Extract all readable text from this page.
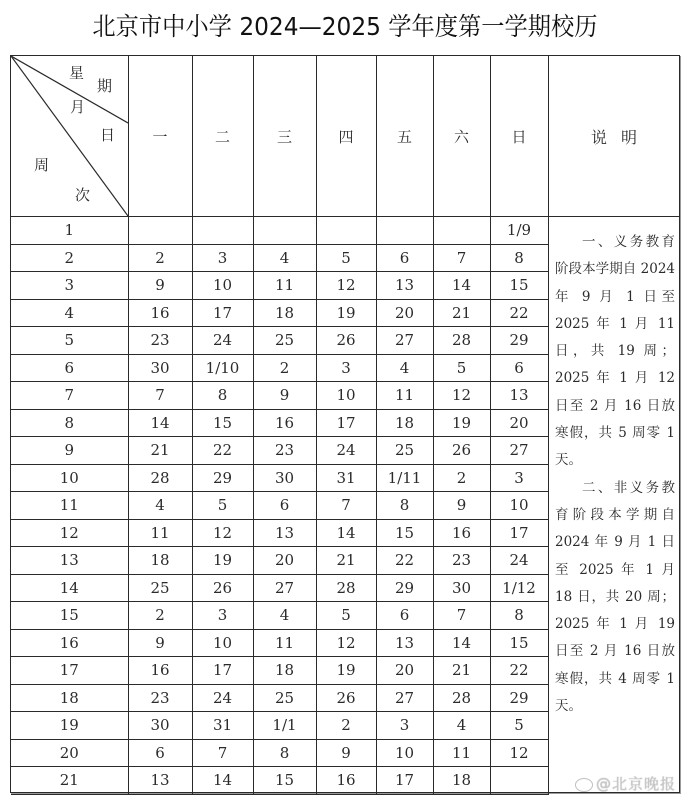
北京市中小学 2024—2025 学年度第一学期校历
星
期
月
日
周
次
	一	二	三	四	五	六	日
1							1/9
2	2	3	4	5	6	7	8
3	9	10	11	12	13	14	15
4	16	17	18	19	20	21	22
5	23	24	25	26	27	28	29
6	30	1/10	2	3	4	5	6
7	7	8	9	10	11	12	13
8	14	15	16	17	18	19	20
9	21	22	23	24	25	26	27
10	28	29	30	31	1/11	2	3
11	4	5	6	7	8	9	10
12	11	12	13	14	15	16	17
13	18	19	20	21	22	23	24
14	25	26	27	28	29	30	1/12
15	2	3	4	5	6	7	8
16	9	10	11	12	13	14	15
17	16	17	18	19	20	21	22
18	23	24	25	26	27	28	29
19	30	31	1/1	2	3	4	5
20	6	7	8	9	10	11	12
21	13	14	15	16	17	18	
说明

一、义务教育阶段本学期自 2024 年 9 月 1 日至 2025 年 1 月 11 日，共 19 周；2025 年 1 月 12 日至 2 月 16 日放寒假，共 5 周零 1 天。

二、非义务教育阶段本学期自 2024 年 9 月 1 日至 2025 年 1 月 18 日，共 20 周；2025 年 1 月 19 日至 2 月 16 日放寒假，共 4 周零 1 天。

@北京晚报
